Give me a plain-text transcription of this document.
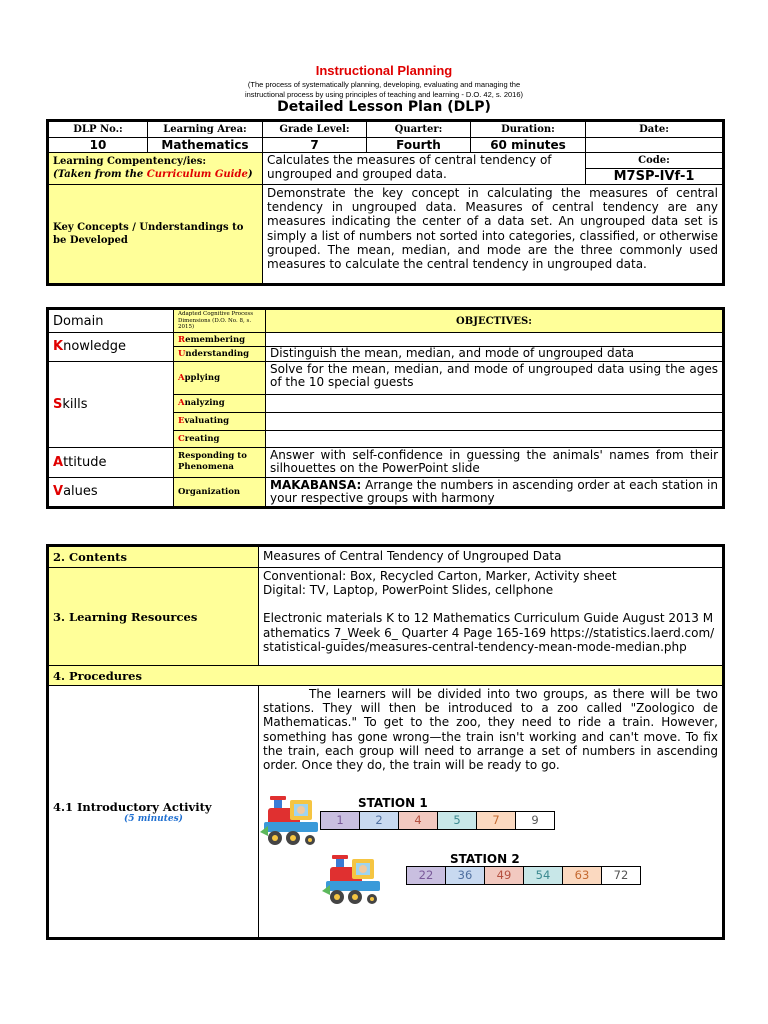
Instructional Planning
(The process of systematically planning, developing, evaluating and managing the
instructional process by using principles of teaching and learning - D.O. 42, s. 2016)
Detailed Lesson Plan (DLP)
DLP No.:	Learning Area:	Grade Level:	Quarter:	Duration:	Date:
10	Mathematics	7	Fourth	60 minutes	

Learning Compentency/ies:
(Taken from the Curriculum Guide)		Calculates the measures of central tendency of ungrouped and grouped data.			Code:
					M7SP-IVf-1
Key Concepts / Understandings to be Developed		Demonstrate the key concept in calculating the measures of central tendency in ungrouped data. Measures of central tendency are any measures indicating the center of a data set. An ungrouped data set is simply a list of numbers not sorted into categories, classified, or otherwise grouped. The mean, median, and mode are the three commonly used measures to calculate the central tendency in ungrouped data.			
Domain	Adapted Cognitive Process Dimensions (D.O. No. 8, s. 2015)	OBJECTIVES:
Knowledge	Remembering	
	Understanding	Distinguish the mean, median, and mode of ungrouped data
Skills	Applying	Solve for the mean, median, and mode of ungrouped data using the ages of the 10 special guests
	Analyzing	
	Evaluating	
	Creating	
Attitude	Responding to Phenomena	Answer with self-confidence in guessing the animals' names from their silhouettes on the PowerPoint slide
Values	Organization	MAKABANSA: Arrange the numbers in ascending order at each station in your respective groups with harmony
2. Contents	Measures of Central Tendency of Ungrouped Data
3. Learning Resources	Conventional: Box, Recycled Carton, Marker, Activity sheet
Digital: TV, Laptop, PowerPoint Slides, cellphone
Electronic materials K to 12 Mathematics Curriculum Guide August 2013 Mathematics 7_Week 6_ Quarter 4 Page 165-169 https://statistics.laerd.com/statistical-guides/measures-central-tendency-mean-mode-median.php

4. Procedures	

4.1 Introductory Activity
(5 minutes)	The learners will be divided into two groups, as there will be two stations. They will then be introduced to a zoo called "Zoologico de Mathematicas." To get to the zoo, they need to ride a train. However, something has gone wrong—the train isn't working and can't move. To fix the train, each group will need to arrange a set of numbers in ascending order. Once they do, the train will be ready to go.
STATION 1
1	2	4	5	7	9
STATION 2
22	36	49	54	63	72
